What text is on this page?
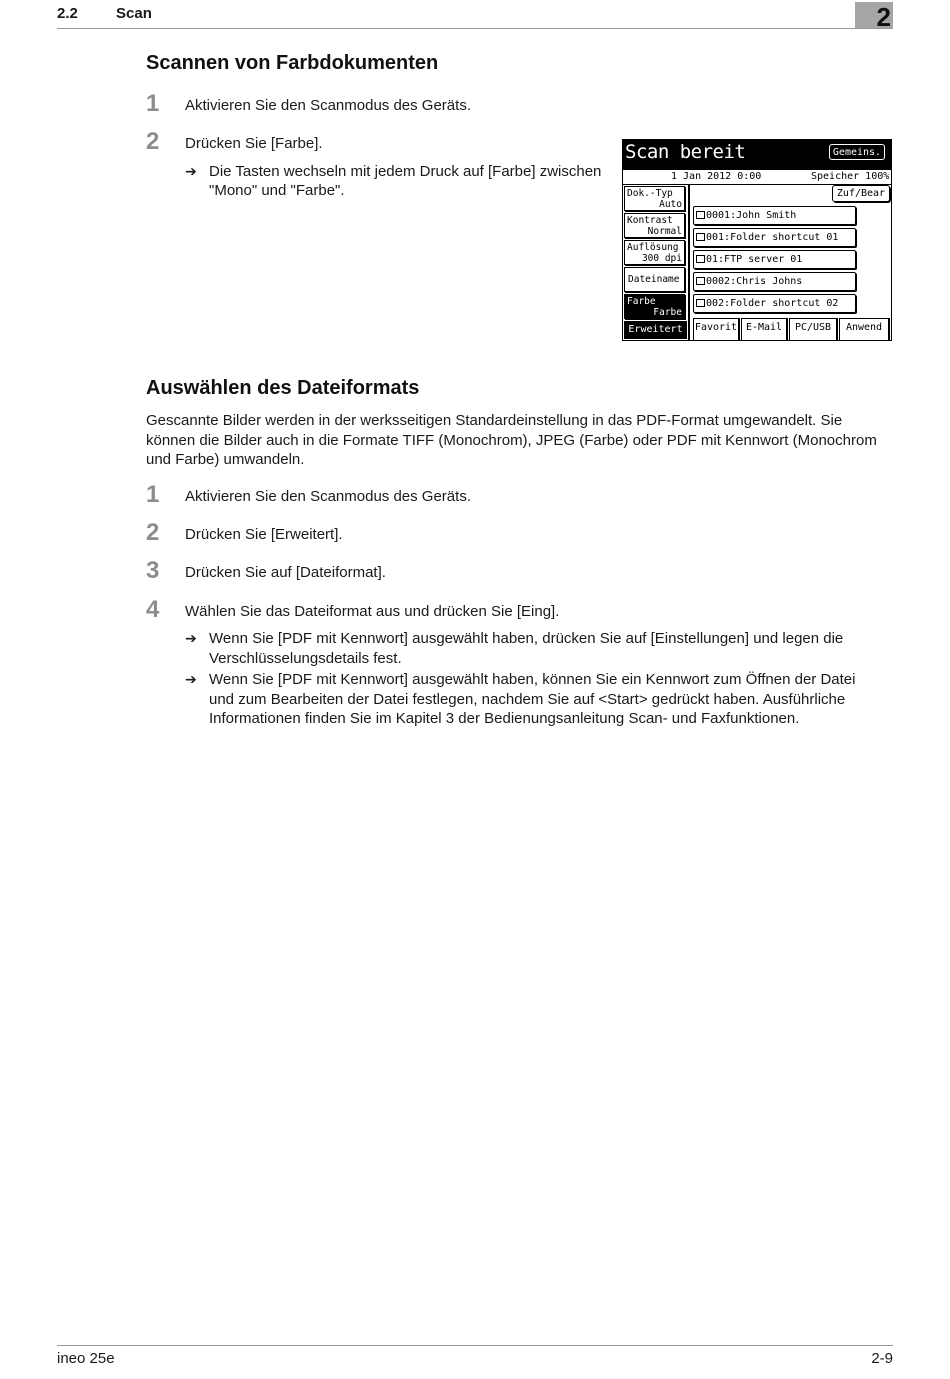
2.2	Scan	2
Scannen von Farbdokumenten
1 Aktivieren Sie den Scanmodus des Geräts.
2 Drücken Sie [Farbe].
➔ Die Tasten wechseln mit jedem Druck auf [Farbe] zwischen
"Mono" und "Farbe".
Scan bereit	Gemeins.
1 Jan 2012 0:00	Speicher 100%
Dok.-Typ
Auto
Kontrast
Normal
Auflösung
300 dpi
Dateiname
Farbe
Farbe
Erweitert
Zuf/Bear
0001:John Smith
001:Folder shortcut 01
01:FTP server 01
0002:Chris Johns
002:Folder shortcut 02
Favorit E-Mail	PC/USB	Anwend
Auswählen des Dateiformats
Gescannte Bilder werden in der werksseitigen Standardeinstellung in das PDF-Format umgewandelt. Sie
können die Bilder auch in die Formate TIFF (Monochrom), JPEG (Farbe) oder PDF mit Kennwort (Monochrom
und Farbe) umwandeln.
1 Aktivieren Sie den Scanmodus des Geräts.
2 Drücken Sie [Erweitert].
3 Drücken Sie auf [Dateiformat].
4 Wählen Sie das Dateiformat aus und drücken Sie [Eing].
➔ Wenn Sie [PDF mit Kennwort] ausgewählt haben, drücken Sie auf [Einstellungen] und legen die
Verschlüsselungsdetails fest.
➔ Wenn Sie [PDF mit Kennwort] ausgewählt haben, können Sie ein Kennwort zum Öffnen der Datei
und zum Bearbeiten der Datei festlegen, nachdem Sie auf <Start> gedrückt haben. Ausführliche
Informationen finden Sie im Kapitel 3 der Bedienungsanleitung Scan- und Faxfunktionen.
ineo 25e	2-9
